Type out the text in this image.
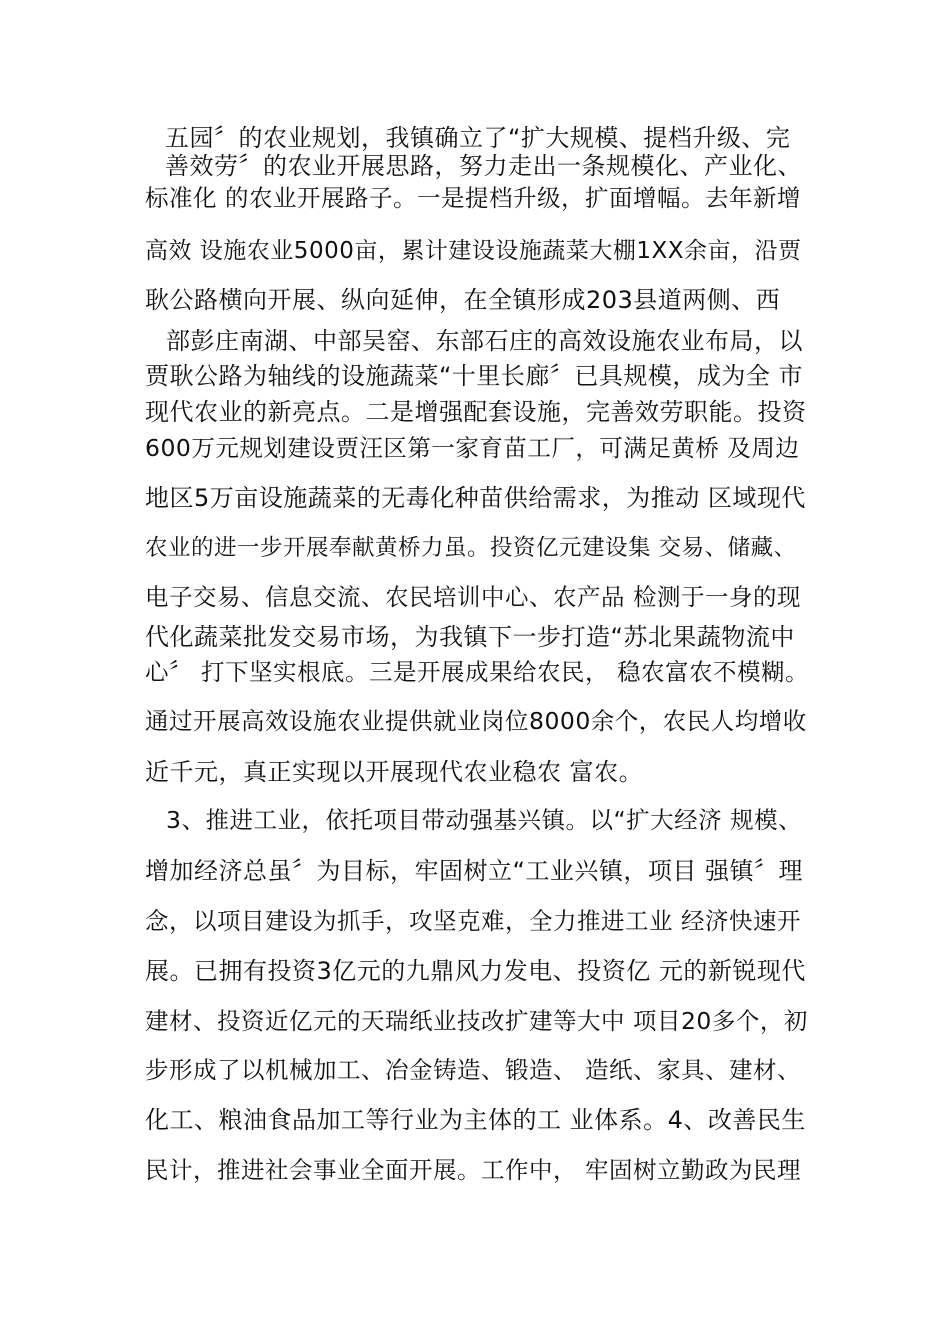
五园〞的农业规划，我镇确立了“扩大规模、提档升级、完
善效劳〞的农业开展思路，努力走出一条规模化、产业化、
标准化 的农业开展路子。一是提档升级，扩面增幅。去年新增
高效 设施农业5000亩，累计建设设施蔬菜大棚1XX余亩，沿贾
耿公路横向开展、纵向延伸，在全镇形成203县道两侧、西
部彭庄南湖、中部吴窑、东部石庄的高效设施农业布局，以
贾耿公路为轴线的设施蔬菜“十里长廊〞已具规模，成为全 市
现代农业的新亮点。二是增强配套设施，完善效劳职能。投资
600万元规划建设贾汪区第一家育苗工厂，可满足黄桥 及周边
地区5万亩设施蔬菜的无毒化种苗供给需求，为推动 区域现代
农业的进一步开展奉献黄桥力虽。投资亿元建设集 交易、储藏、
电子交易、信息交流、农民培训中心、农产品 检测于一身的现
代化蔬菜批发交易市场，为我镇下一步打造“苏北果蔬物流中
心〞 打下坚实根底。三是开展成果给农民， 稳农富农不模糊。
通过开展高效设施农业提供就业岗位8000余个，农民人均增收
近千元，真正实现以开展现代农业稳农 富农。
3、推进工业，依托项目带动强基兴镇。以“扩大经济 规模、
增加经济总虽〞为目标，牢固树立“工业兴镇，项目 强镇〞理
念，以项目建设为抓手，攻坚克难，全力推进工业 经济快速开
展。已拥有投资3亿元的九鼎风力发电、投资亿 元的新锐现代
建材、投资近亿元的天瑞纸业技改扩建等大中 项目20多个，初
步形成了以机械加工、冶金铸造、锻造、 造纸、家具、建材、
化工、粮油食品加工等行业为主体的工 业体系。4、改善民生
民计，推进社会事业全面开展。工作中， 牢固树立勤政为民理
